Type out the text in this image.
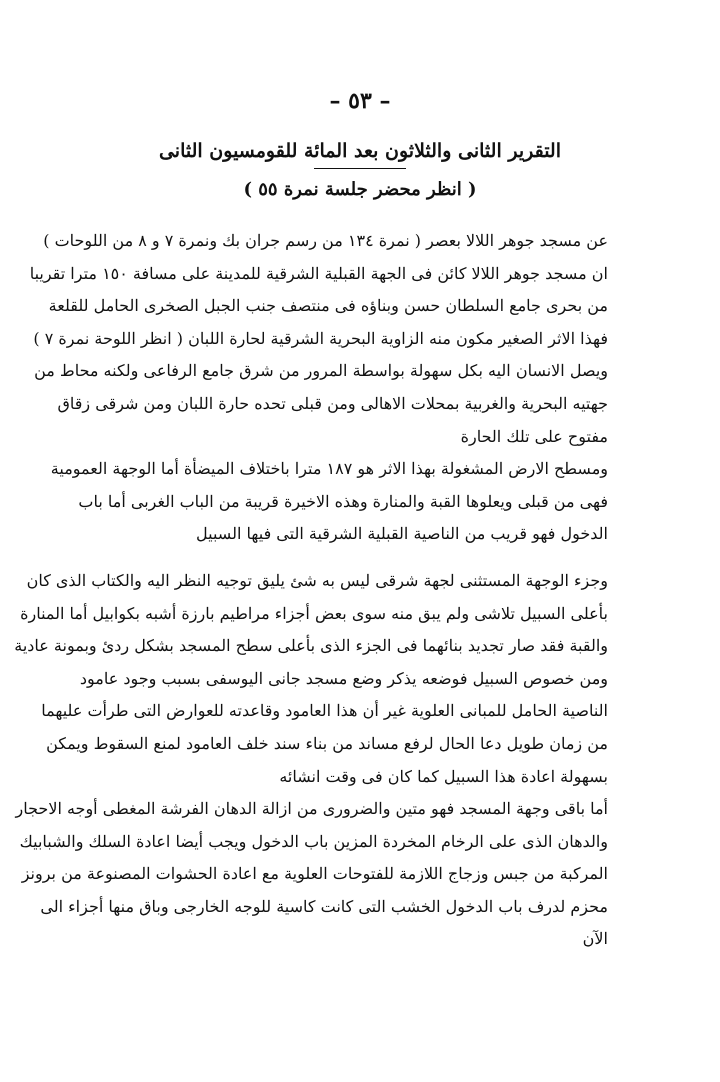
– ٥٣ –
التقرير الثانى والثلاثون بعد المائة للقومسيون الثانى
( انظر محضر جلسة نمرة ٥٥ )
عن مسجد جوهر اللالا بعصر ( نمرة ١٣٤ من رسم جران بك ونمرة ٧ و ٨ من اللوحات )
ان مسجد جوهر اللالا كائن فى الجهة القبلية الشرقية للمدينة على مسافة ١٥٠ مترا تقريبا
من بحرى جامع السلطان حسن وبناؤه فى منتصف جنب الجبل الصخرى الحامل للقلعة
فهذا الاثر الصغير مكون منه الزاوية البحرية الشرقية لحارة اللبان ( انظر اللوحة نمرة ٧ )
ويصل الانسان اليه بكل سهولة بواسطة المرور من شرق جامع الرفاعى ولكنه محاط من
جهتيه البحرية والغربية بمحلات الاهالى ومن قبلى تحده حارة اللبان ومن شرقى زقاق
مفتوح على تلك الحارة
ومسطح الارض المشغولة بهذا الاثر هو ١٨٧ مترا باختلاف الميضأة أما الوجهة العمومية
فهى من قبلى ويعلوها القبة والمنارة وهذه الاخيرة قريبة من الباب الغربى أما باب
الدخول فهو قريب من الناصية القبلية الشرقية التى فيها السبيل
وجزء الوجهة المستثنى لجهة شرقى ليس به شئ يليق توجيه النظر اليه والكتاب الذى كان
بأعلى السبيل تلاشى ولم يبق منه سوى بعض أجزاء مراطيم بارزة أشبه بكوابيل أما المنارة
والقبة فقد صار تجديد بنائهما فى الجزء الذى بأعلى سطح المسجد بشكل ردئ وبمونة عادية
ومن خصوص السبيل فوضعه يذكر وضع مسجد جانى اليوسفى بسبب وجود عامود
الناصية الحامل للمبانى العلوية غير أن هذا العامود وقاعدته للعوارض التى طرأت عليهما
من زمان طويل دعا الحال لرفع مساند من بناء سند خلف العامود لمنع السقوط ويمكن
بسهولة اعادة هذا السبيل كما كان فى وقت انشائه
أما باقى وجهة المسجد فهو متين والضرورى من ازالة الدهان الفرشة المغطى أوجه الاحجار
والدهان الذى على الرخام المخردة المزين باب الدخول ويجب أيضا اعادة السلك والشبابيك
المركبة من جبس وزجاج اللازمة للفتوحات العلوية مع اعادة الحشوات المصنوعة من برونز
محزم لدرف باب الدخول الخشب التى كانت كاسية للوجه الخارجى وباق منها أجزاء الى
الآن
